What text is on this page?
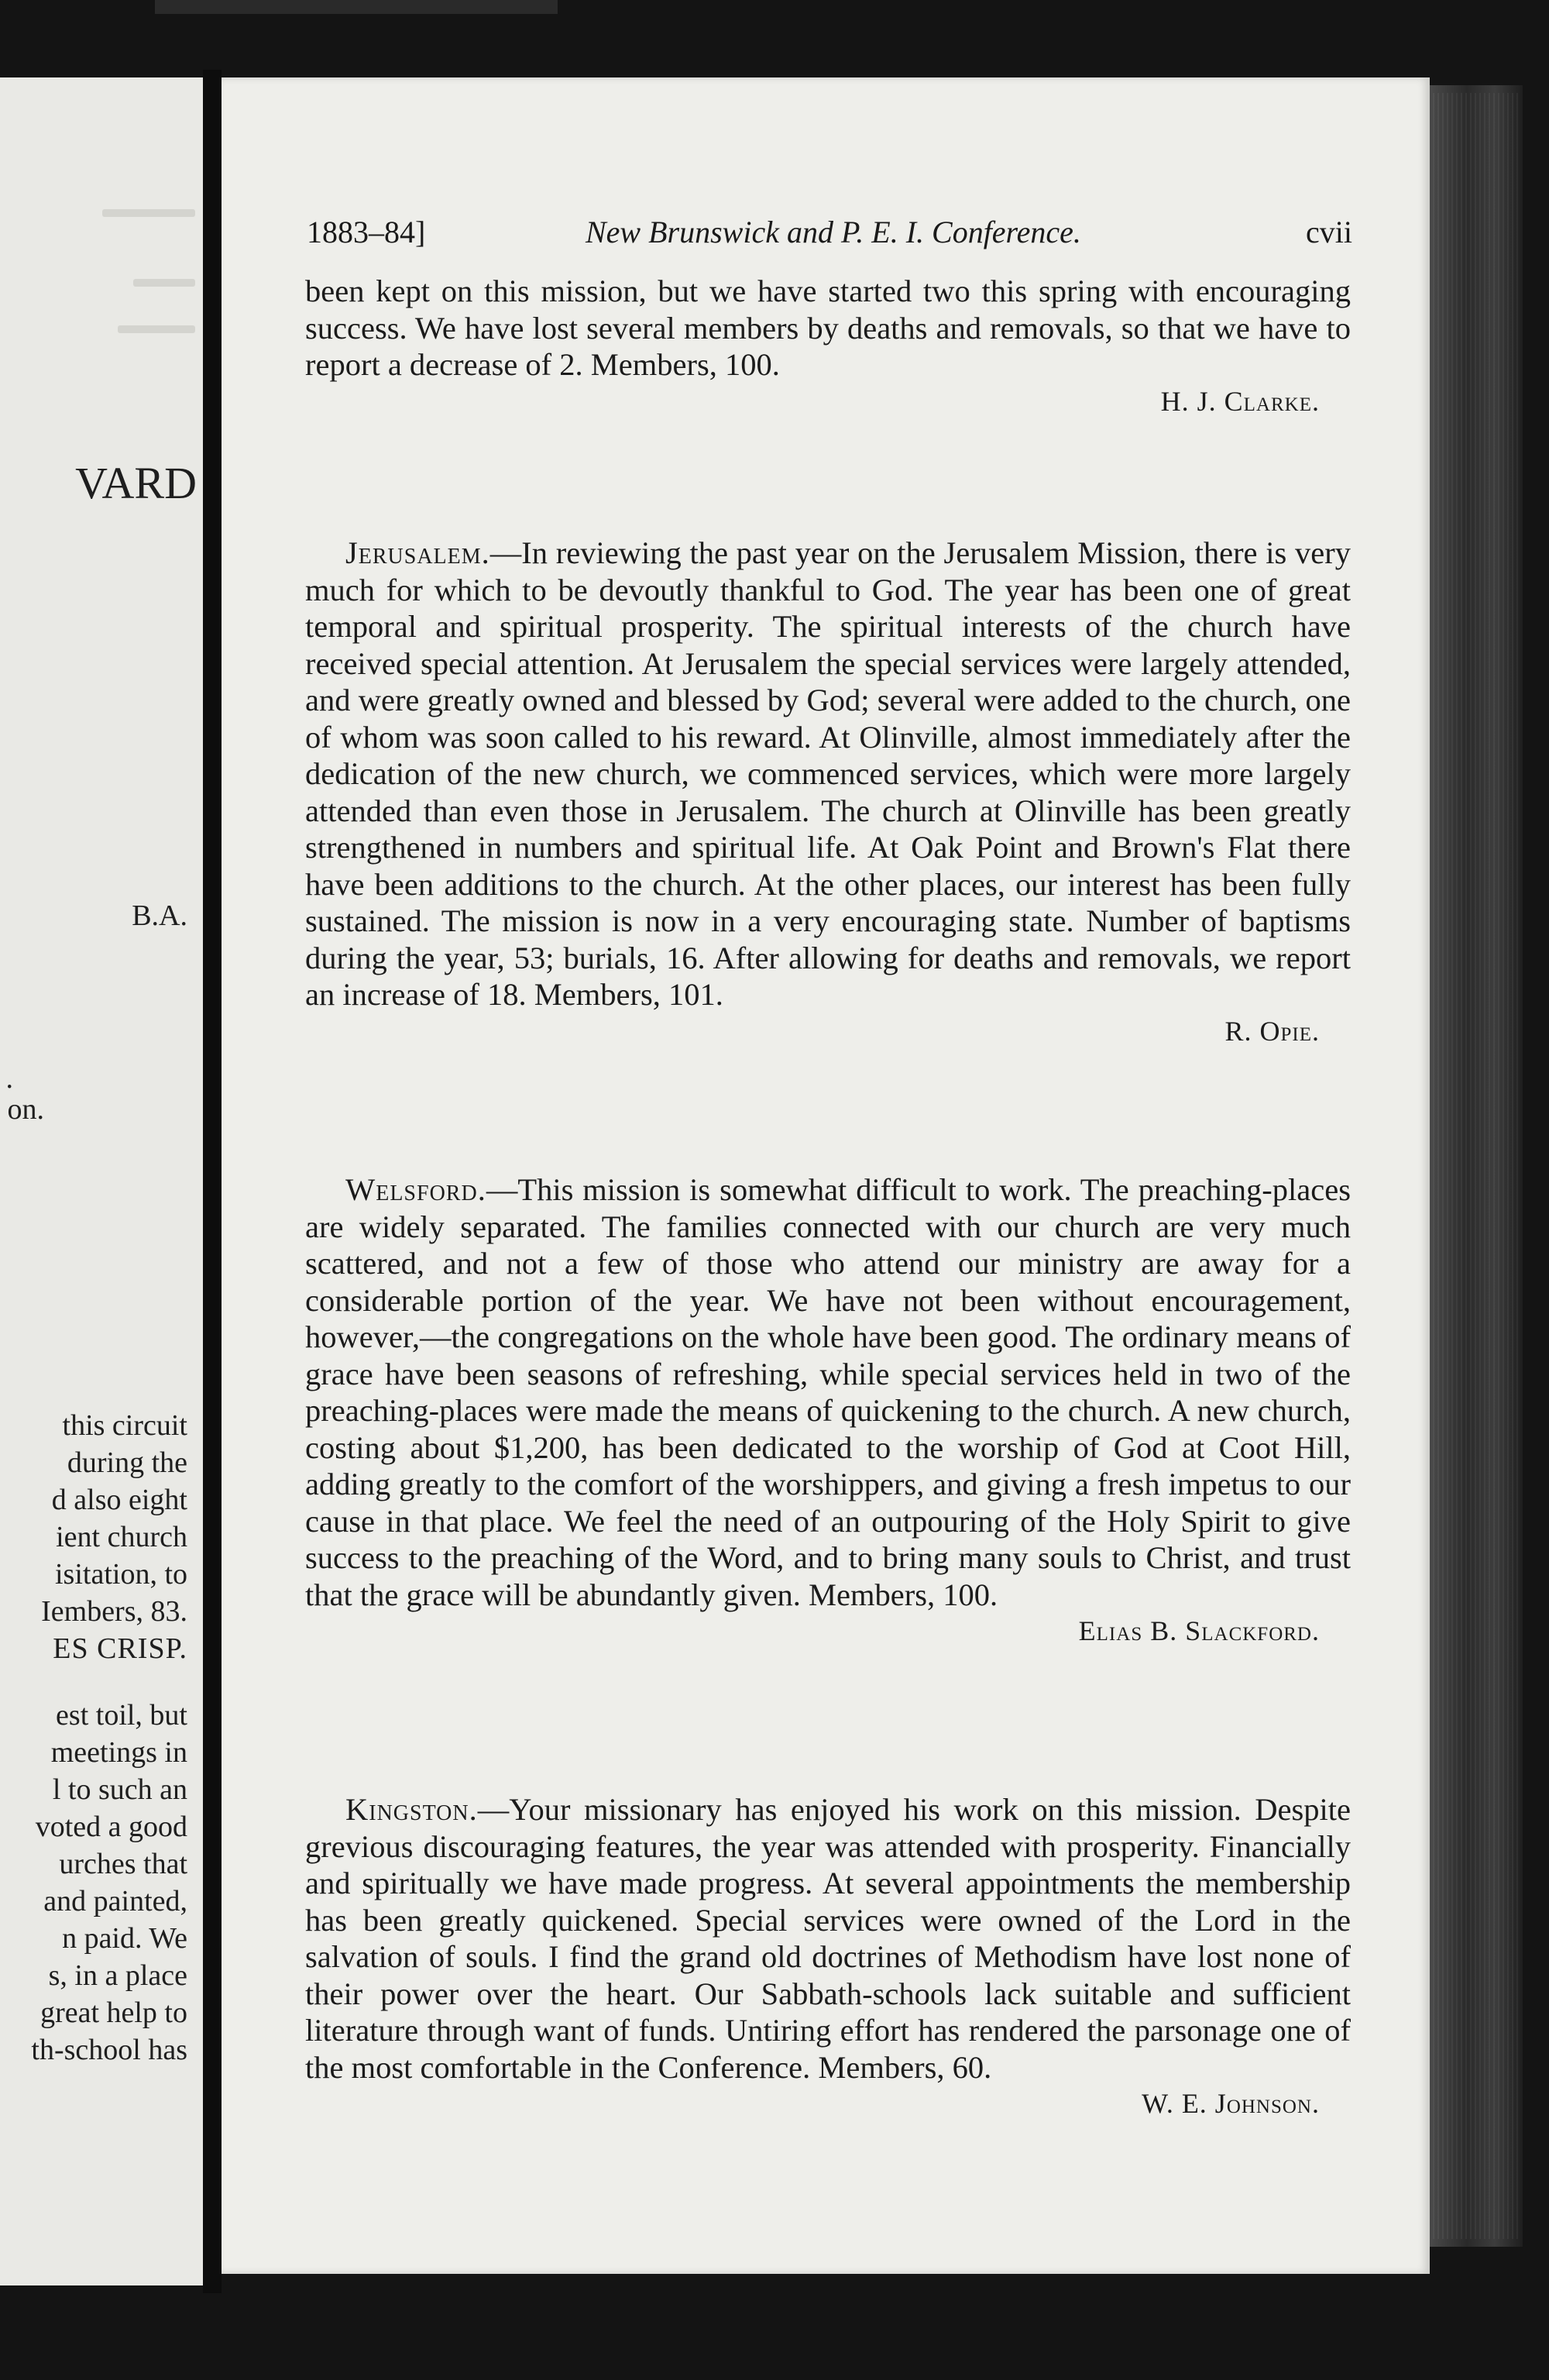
VARD
B.A.
.
on.
this circuit
during the
d also eight
ient church
isitation, to
Iembers, 83.
ES CRISP.
est toil, but
meetings in
l to such an
voted a good
urches that
and painted,
n paid. We
s, in a place
great help to
th-school has
1883–84]	New Brunswick and P. E. I. Conference.	cvii

been kept on this mission, but we have started two this spring with encouraging success. We have lost several members by deaths and removals, so that we have to report a decrease of 2. Members, 100.

H. J. Clarke.

Jerusalem.—In reviewing the past year on the Jerusalem Mission, there is very much for which to be devoutly thankful to God. The year has been one of great temporal and spiritual prosperity. The spiritual interests of the church have received special attention. At Jerusalem the special services were largely attended, and were greatly owned and blessed by God; several were added to the church, one of whom was soon called to his reward. At Olinville, almost immediately after the dedication of the new church, we commenced services, which were more largely attended than even those in Jerusalem. The church at Olinville has been greatly strengthened in numbers and spiritual life. At Oak Point and Brown's Flat there have been additions to the church. At the other places, our interest has been fully sustained. The mission is now in a very encouraging state. Number of baptisms during the year, 53; burials, 16. After allowing for deaths and removals, we report an increase of 18. Members, 101.

R. Opie.

Welsford.—This mission is somewhat difficult to work. The preaching-places are widely separated. The families connected with our church are very much scattered, and not a few of those who attend our ministry are away for a considerable portion of the year. We have not been without encouragement, however,—the congregations on the whole have been good. The ordinary means of grace have been seasons of refreshing, while special services held in two of the preaching-places were made the means of quickening to the church. A new church, costing about $1,200, has been dedicated to the worship of God at Coot Hill, adding greatly to the comfort of the worshippers, and giving a fresh impetus to our cause in that place. We feel the need of an outpouring of the Holy Spirit to give success to the preaching of the Word, and to bring many souls to Christ, and trust that the grace will be abundantly given. Members, 100.

Elias B. Slackford.

Kingston.—Your missionary has enjoyed his work on this mission. Despite grevious discouraging features, the year was attended with prosperity. Financially and spiritually we have made progress. At several appointments the membership has been greatly quickened. Special services were owned of the Lord in the salvation of souls. I find the grand old doctrines of Methodism have lost none of their power over the heart. Our Sabbath-schools lack suitable and sufficient literature through want of funds. Untiring effort has rendered the parsonage one of the most comfortable in the Conference. Members, 60.

W. E. Johnson.
